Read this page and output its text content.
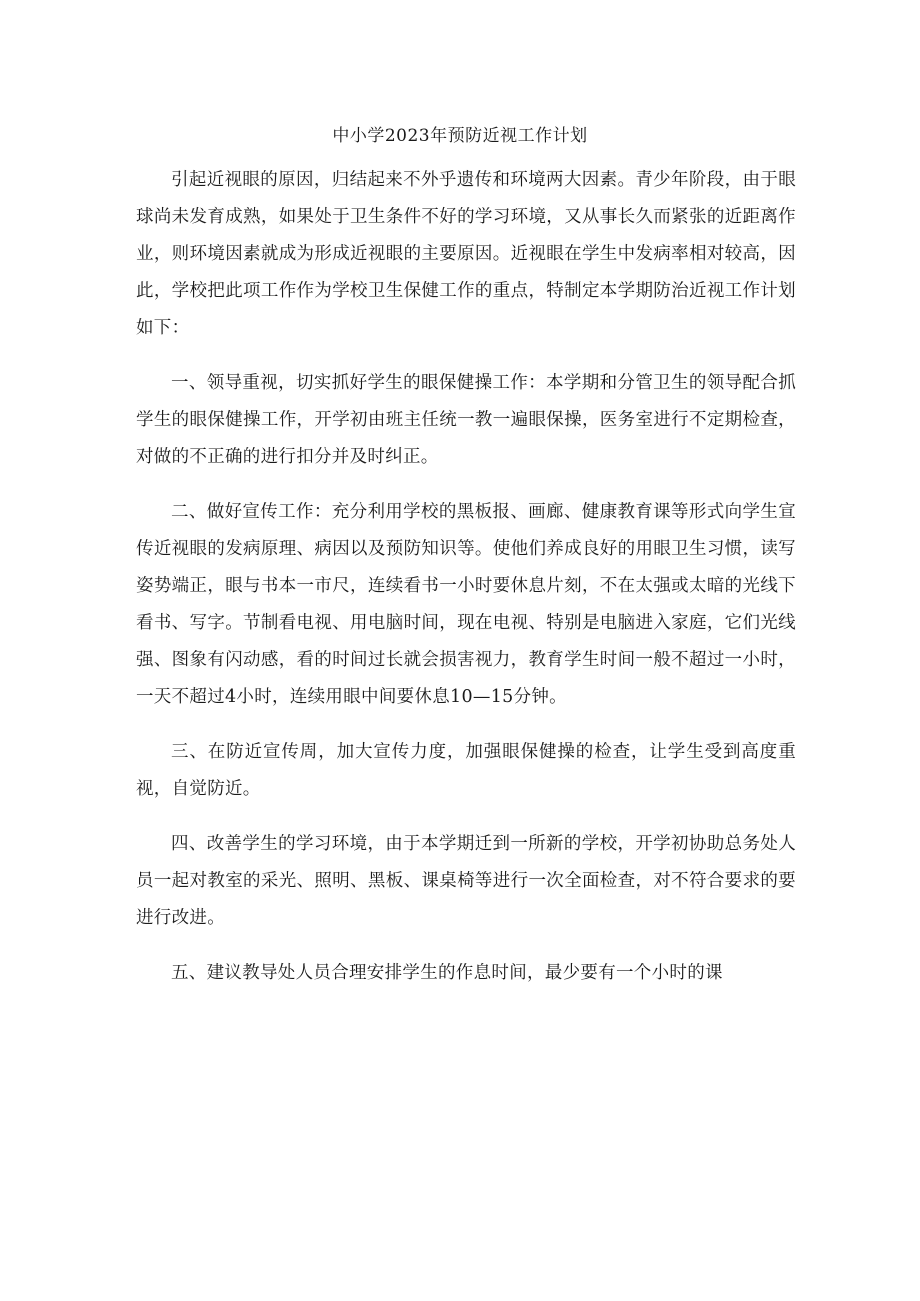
中小学2023年预防近视工作计划

引起近视眼的原因，归结起来不外乎遗传和环境两大因素。青少年阶段，由于眼球尚未发育成熟，如果处于卫生条件不好的学习环境，又从事长久而紧张的近距离作业，则环境因素就成为形成近视眼的主要原因。近视眼在学生中发病率相对较高，因此，学校把此项工作作为学校卫生保健工作的重点，特制定本学期防治近视工作计划如下：

一、领导重视，切实抓好学生的眼保健操工作：本学期和分管卫生的领导配合抓学生的眼保健操工作，开学初由班主任统一教一遍眼保操，医务室进行不定期检查，对做的不正确的进行扣分并及时纠正。

二、做好宣传工作：充分利用学校的黑板报、画廊、健康教育课等形式向学生宣传近视眼的发病原理、病因以及预防知识等。使他们养成良好的用眼卫生习惯，读写姿势端正，眼与书本一市尺，连续看书一小时要休息片刻，不在太强或太暗的光线下看书、写字。节制看电视、用电脑时间，现在电视、特别是电脑进入家庭，它们光线强、图象有闪动感，看的时间过长就会损害视力，教育学生时间一般不超过一小时，一天不超过4小时，连续用眼中间要休息10—15分钟。

三、在防近宣传周，加大宣传力度，加强眼保健操的检查，让学生受到高度重视，自觉防近。

四、改善学生的学习环境，由于本学期迁到一所新的学校，开学初协助总务处人员一起对教室的采光、照明、黑板、课桌椅等进行一次全面检查，对不符合要求的要进行改进。

五、建议教导处人员合理安排学生的作息时间，最少要有一个小时的课
